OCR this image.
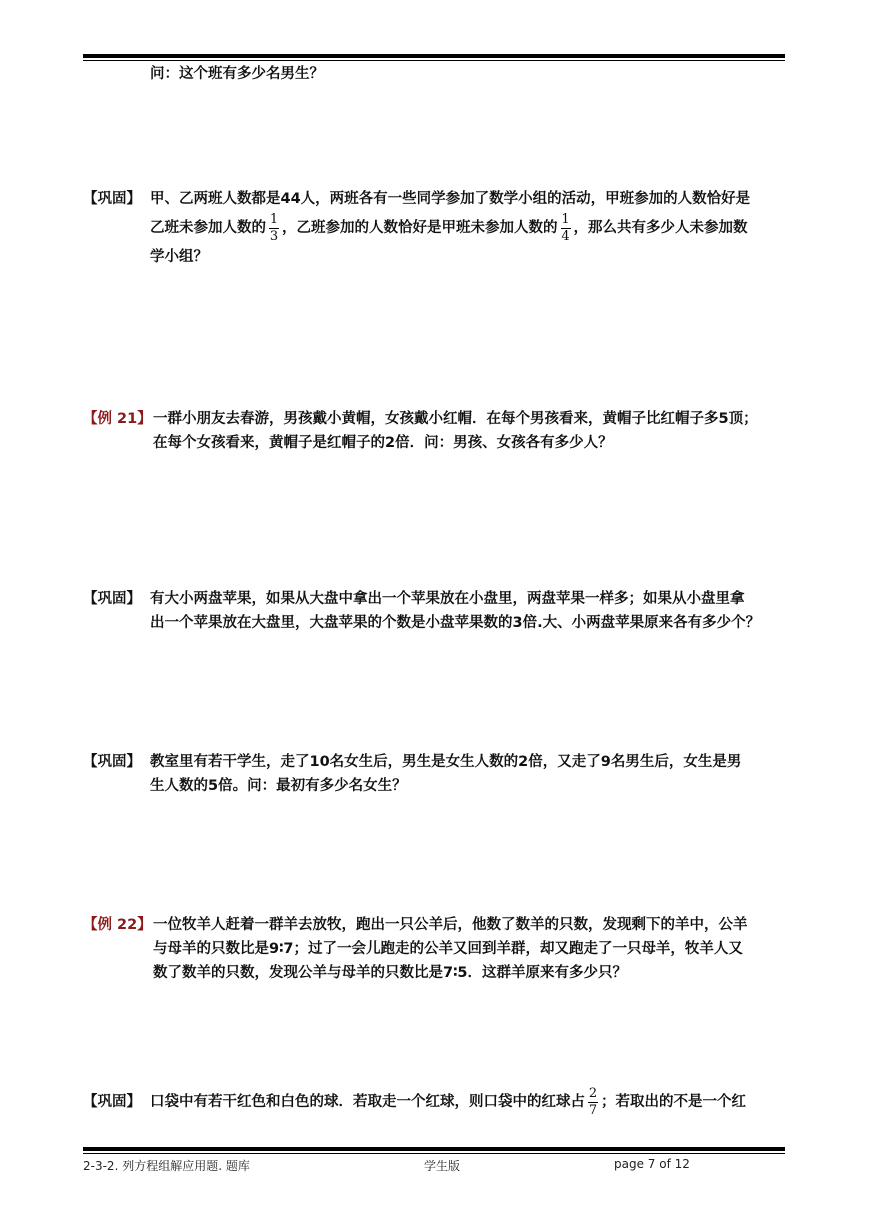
问：这个班有多少名男生？
【巩固】 甲、乙两班人数都是44人，两班各有一些同学参加了数学小组的活动，甲班参加的人数恰好是
乙班未参加人数的 $\frac{1}{3}$ ，乙班参加的人数恰好是甲班未参加人数的 $\frac{1}{4}$ ，那么共有多少人未参加数
学小组？
【例 21】 一群小朋友去春游，男孩戴小黄帽，女孩戴小红帽．在每个男孩看来，黄帽子比红帽子多5顶；
在每个女孩看来，黄帽子是红帽子的2倍．问：男孩、女孩各有多少人？
【巩固】 有大小两盘苹果，如果从大盘中拿出一个苹果放在小盘里，两盘苹果一样多；如果从小盘里拿
出一个苹果放在大盘里，大盘苹果的个数是小盘苹果数的3倍.大、小两盘苹果原来各有多少个？
【巩固】 教室里有若干学生，走了10名女生后，男生是女生人数的2倍，又走了9名男生后，女生是男
生人数的5倍。问：最初有多少名女生？
【例 22】 一位牧羊人赶着一群羊去放牧，跑出一只公羊后，他数了数羊的只数，发现剩下的羊中，公羊
与母羊的只数比是9∶7；过了一会儿跑走的公羊又回到羊群，却又跑走了一只母羊，牧羊人又
数了数羊的只数，发现公羊与母羊的只数比是7∶5．这群羊原来有多少只？
【巩固】 口袋中有若干红色和白色的球．若取走一个红球，则口袋中的红球占 $\frac{2}{7}$ ；若取出的不是一个红
2-3-2. 列方程组解应用题. 题库	学生版	page 7 of 12
